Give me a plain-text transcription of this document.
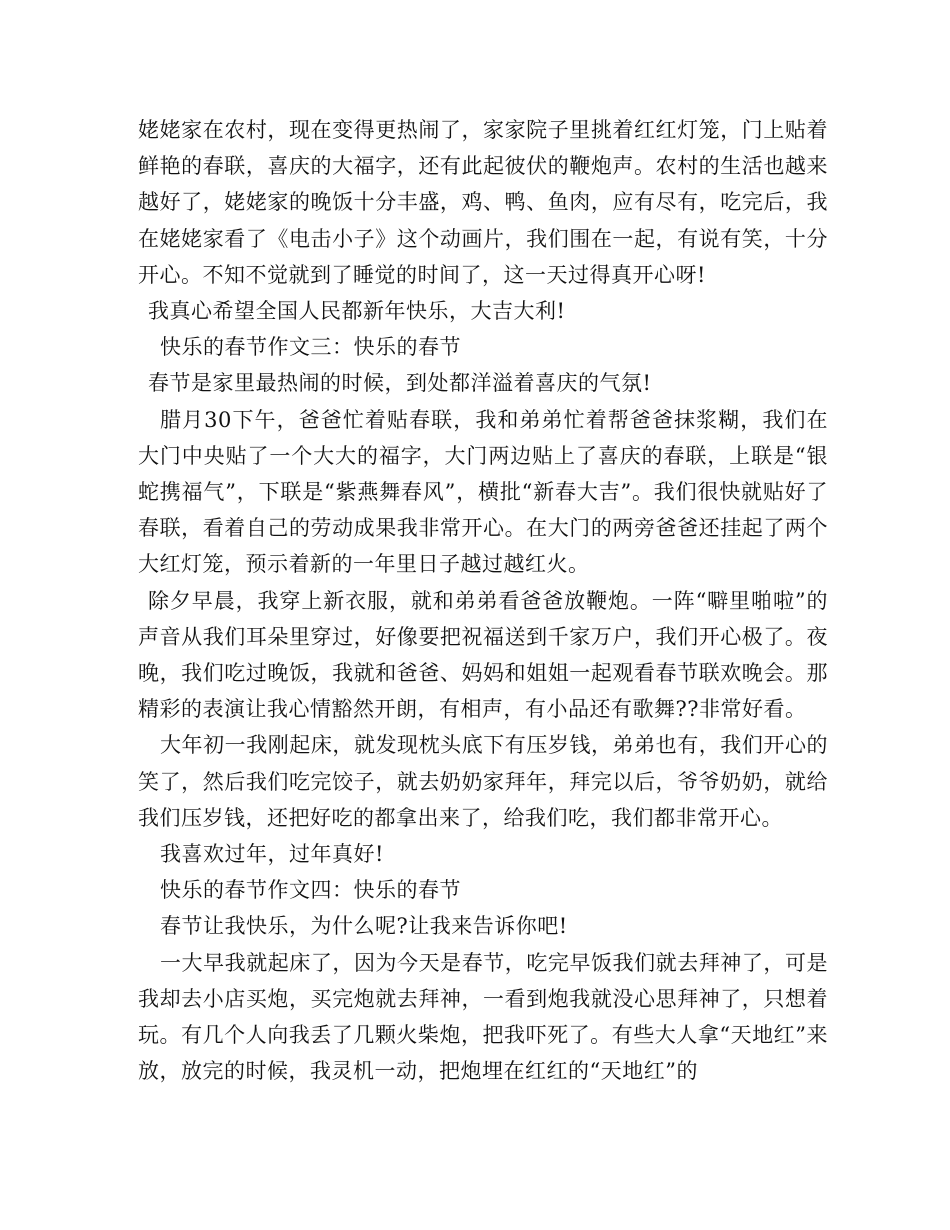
姥姥家在农村，现在变得更热闹了，家家院子里挑着红红灯笼，门上贴着鲜艳的春联，喜庆的大福字，还有此起彼伏的鞭炮声。农村的生活也越来越好了，姥姥家的晚饭十分丰盛，鸡、鸭、鱼肉，应有尽有，吃完后，我在姥姥家看了《电击小子》这个动画片，我们围在一起，有说有笑，十分开心。不知不觉就到了睡觉的时间了，这一天过得真开心呀!

我真心希望全国人民都新年快乐，大吉大利!

快乐的春节作文三：快乐的春节

春节是家里最热闹的时候，到处都洋溢着喜庆的气氛!

腊月30下午，爸爸忙着贴春联，我和弟弟忙着帮爸爸抹浆糊，我们在大门中央贴了一个大大的福字，大门两边贴上了喜庆的春联，上联是“银蛇携福气”，下联是“紫燕舞春风”，横批“新春大吉”。我们很快就贴好了春联，看着自己的劳动成果我非常开心。在大门的两旁爸爸还挂起了两个大红灯笼，预示着新的一年里日子越过越红火。

除夕早晨，我穿上新衣服，就和弟弟看爸爸放鞭炮。一阵“噼里啪啦”的声音从我们耳朵里穿过，好像要把祝福送到千家万户，我们开心极了。夜晚，我们吃过晚饭，我就和爸爸、妈妈和姐姐一起观看春节联欢晚会。那精彩的表演让我心情豁然开朗，有相声，有小品还有歌舞??非常好看。

大年初一我刚起床，就发现枕头底下有压岁钱，弟弟也有，我们开心的笑了，然后我们吃完饺子，就去奶奶家拜年，拜完以后，爷爷奶奶，就给我们压岁钱，还把好吃的都拿出来了，给我们吃，我们都非常开心。

我喜欢过年，过年真好!

快乐的春节作文四：快乐的春节

春节让我快乐，为什么呢?让我来告诉你吧!

一大早我就起床了，因为今天是春节，吃完早饭我们就去拜神了，可是我却去小店买炮，买完炮就去拜神，一看到炮我就没心思拜神了，只想着玩。有几个人向我丢了几颗火柴炮，把我吓死了。有些大人拿“天地红”来放，放完的时候，我灵机一动，把炮埋在红红的“天地红”的
